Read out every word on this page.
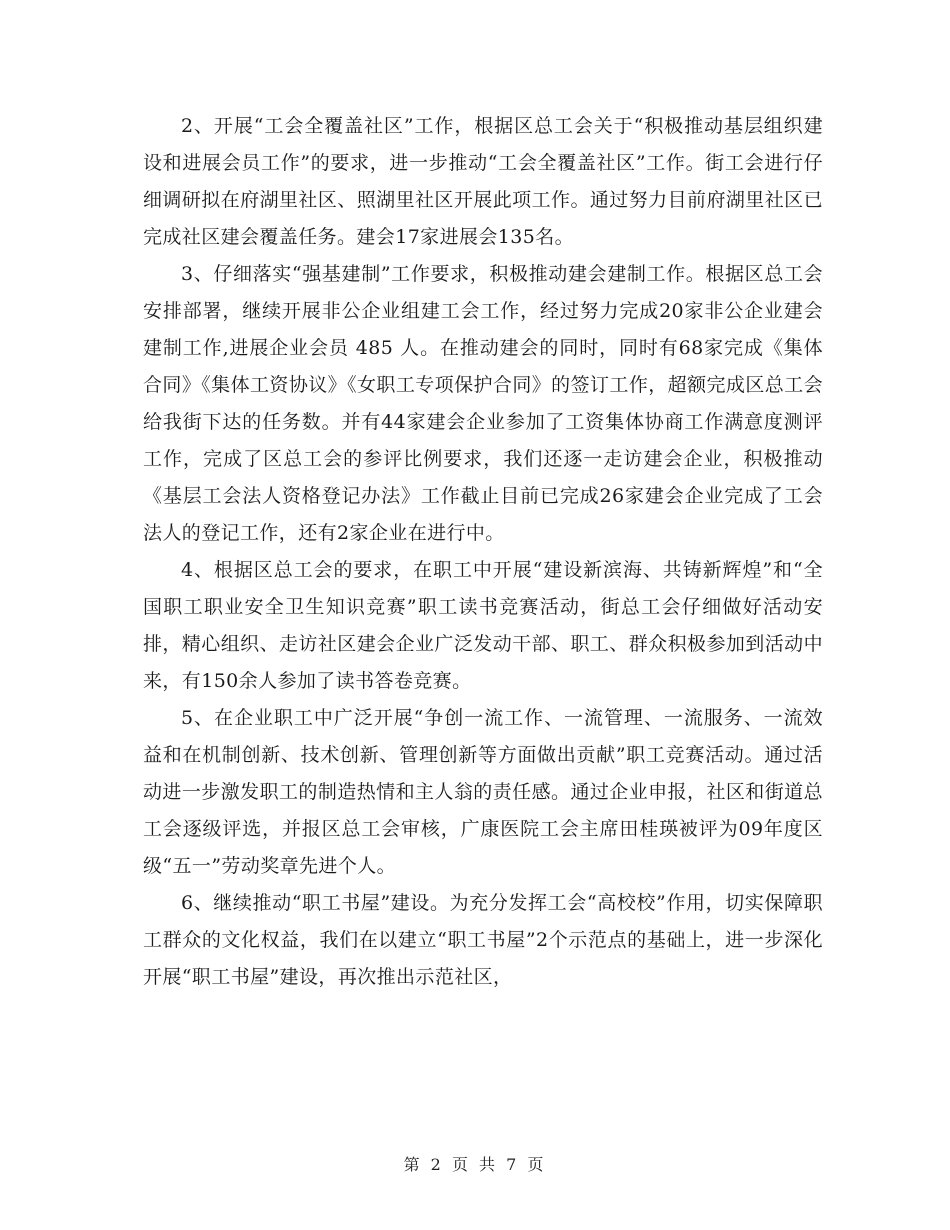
2、开展“工会全覆盖社区”工作，根据区总工会关于“积极推动基层组织建设和进展会员工作”的要求，进一步推动“工会全覆盖社区”工作。街工会进行仔细调研拟在府湖里社区、照湖里社区开展此项工作。通过努力目前府湖里社区已完成社区建会覆盖任务。建会17家进展会135名。

3、仔细落实“强基建制”工作要求，积极推动建会建制工作。根据区总工会安排部署，继续开展非公企业组建工会工作，经过努力完成20家非公企业建会建制工作,进展企业会员 485 人。在推动建会的同时，同时有68家完成《集体合同》《集体工资协议》《女职工专项保护合同》的签订工作，超额完成区总工会给我街下达的任务数。并有44家建会企业参加了工资集体协商工作满意度测评工作，完成了区总工会的参评比例要求，我们还逐一走访建会企业，积极推动《基层工会法人资格登记办法》工作截止目前已完成26家建会企业完成了工会法人的登记工作，还有2家企业在进行中。

4、根据区总工会的要求，在职工中开展“建设新滨海、共铸新辉煌”和“全国职工职业安全卫生知识竞赛”职工读书竞赛活动，街总工会仔细做好活动安排，精心组织、走访社区建会企业广泛发动干部、职工、群众积极参加到活动中来，有150余人参加了读书答卷竞赛。

5、在企业职工中广泛开展“争创一流工作、一流管理、一流服务、一流效益和在机制创新、技术创新、管理创新等方面做出贡献”职工竞赛活动。通过活动进一步激发职工的制造热情和主人翁的责任感。通过企业申报，社区和街道总工会逐级评选，并报区总工会审核，广康医院工会主席田桂瑛被评为09年度区级“五一”劳动奖章先进个人。

6、继续推动“职工书屋”建设。为充分发挥工会“高校校”作用，切实保障职工群众的文化权益，我们在以建立“职工书屋”2个示范点的基础上，进一步深化开展“职工书屋”建设，再次推出示范社区，

第 2 页 共 7 页
